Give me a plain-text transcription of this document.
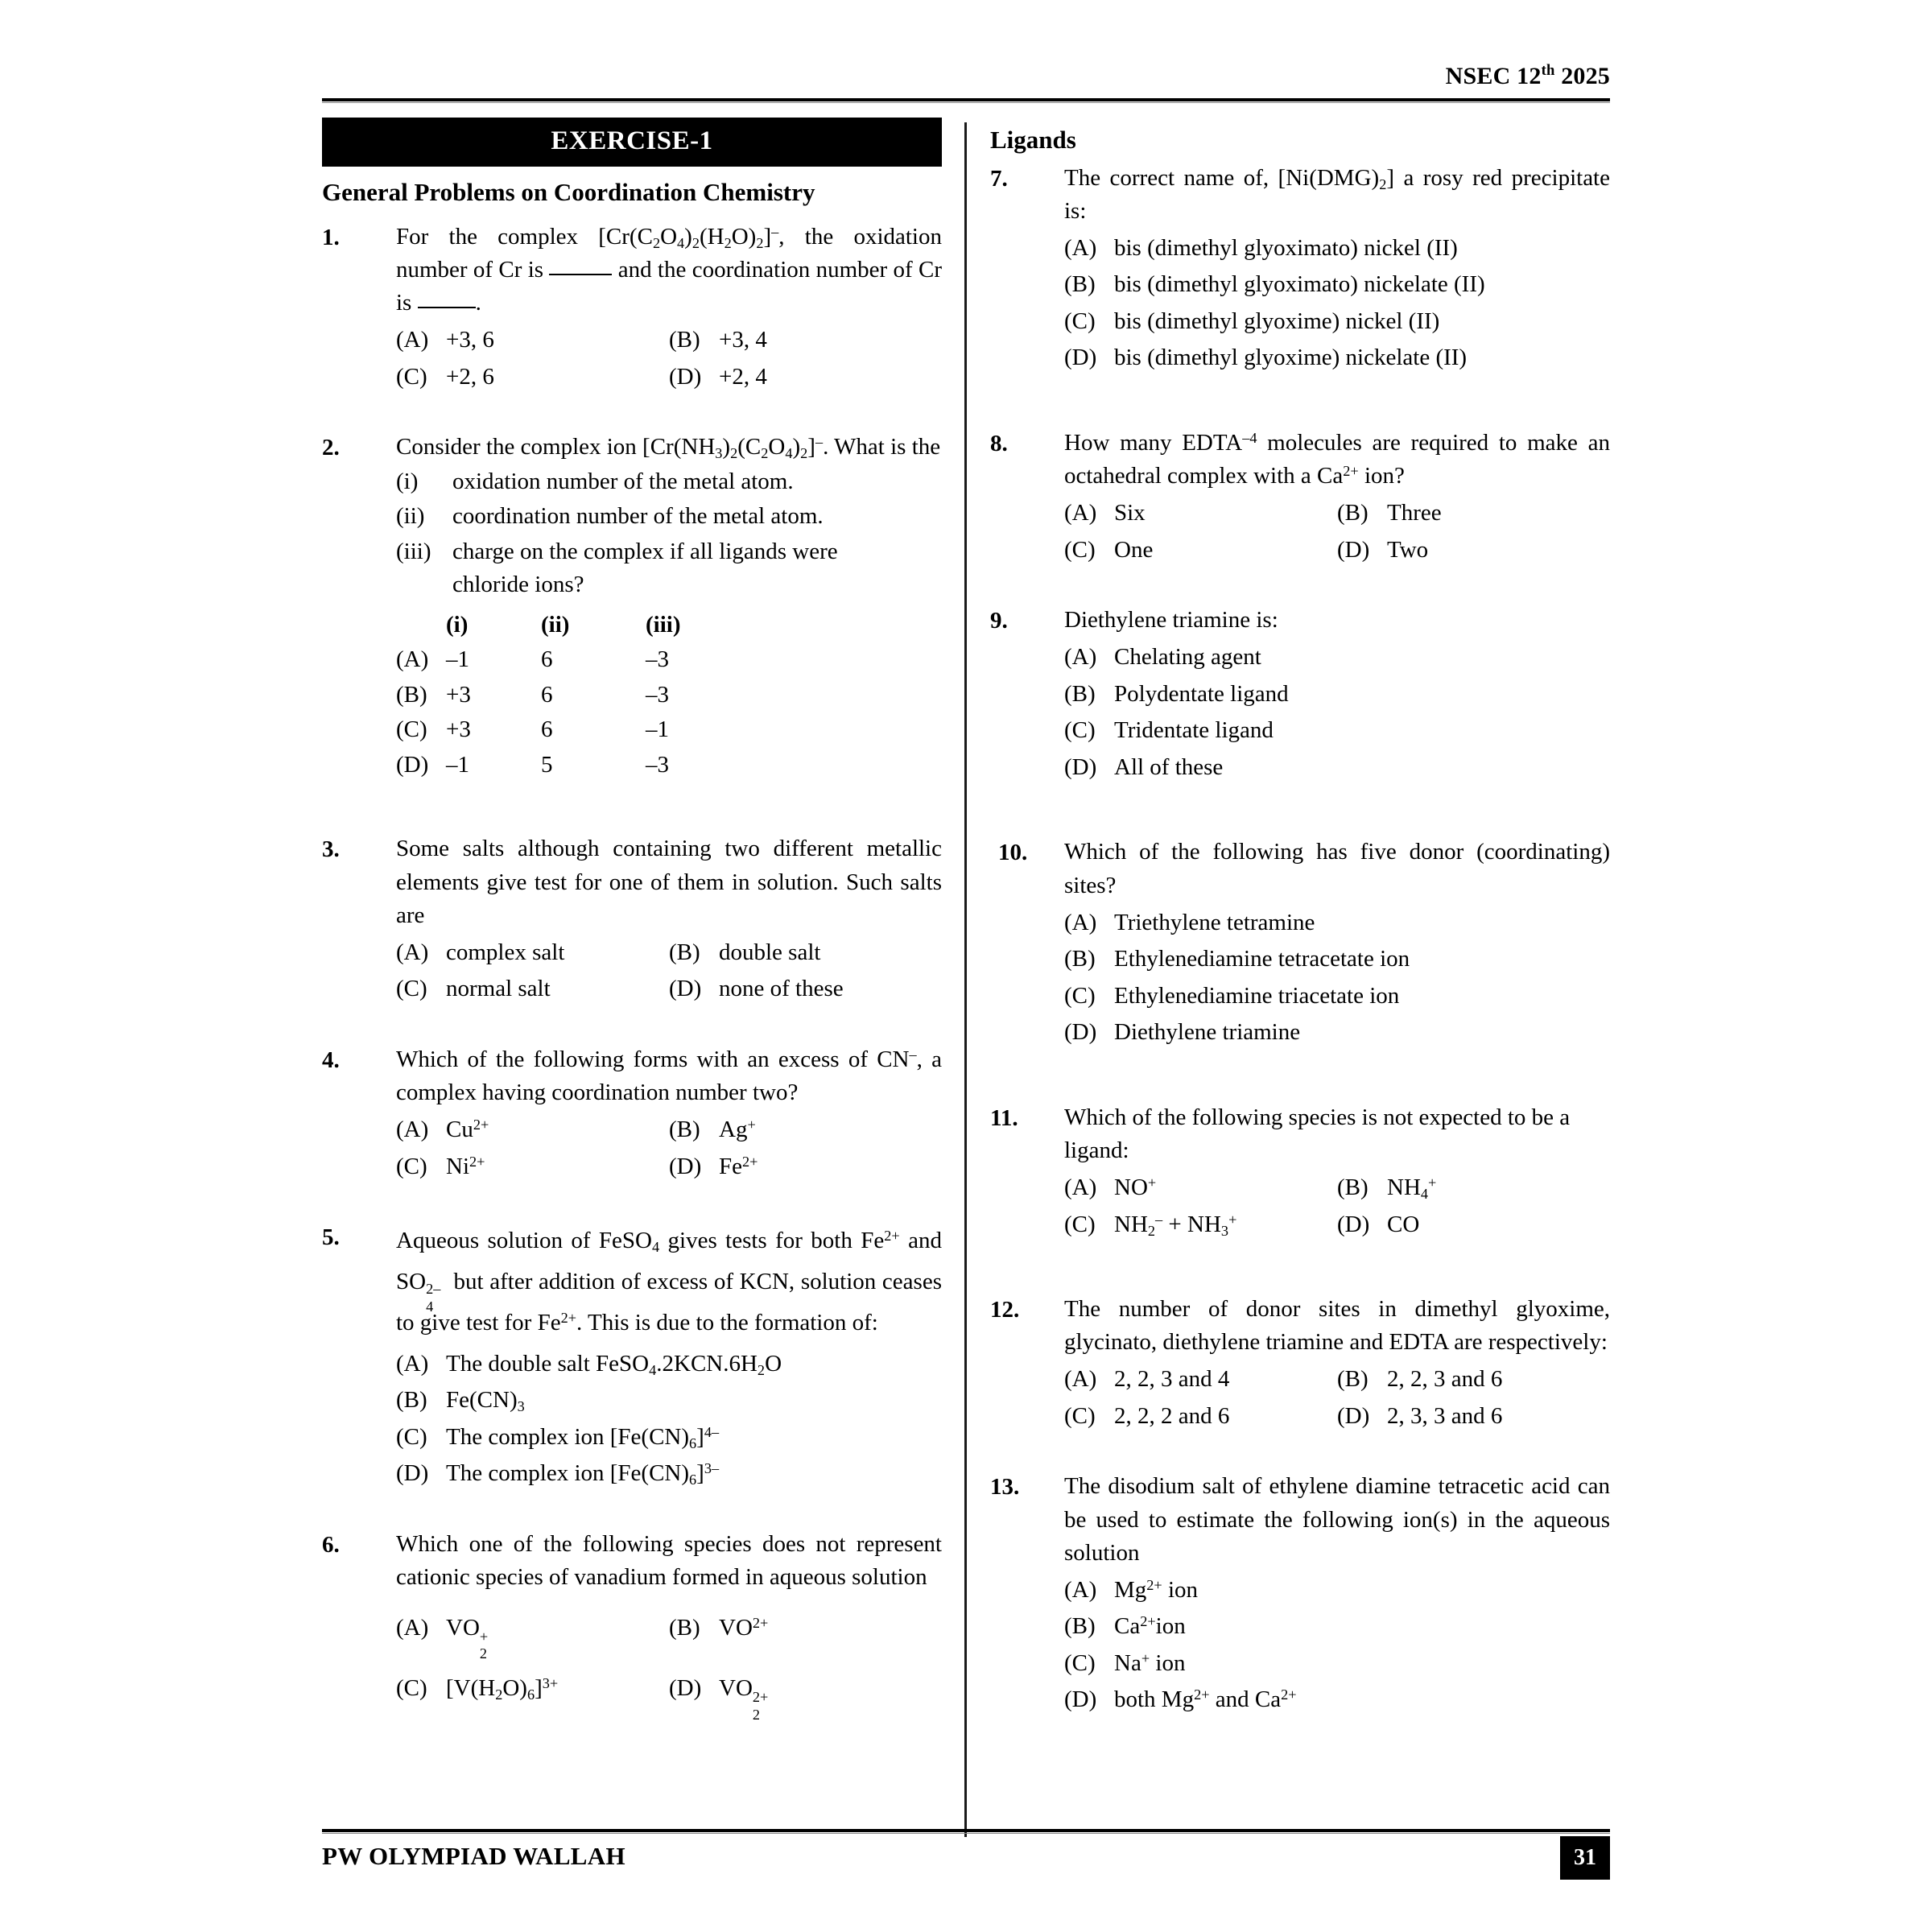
NSEC 12th 2025
EXERCISE-1
General Problems on Coordination Chemistry
1.	For the complex $[Cr(C_2O_4)_2(H_2O)_2]^-$, the oxidation number of Cr is	and the coordination number of Cr is .
(A) +3, 6	(B) +3, 4
(C) +2, 6	(D) +2, 4
2.	Consider the complex ion $[Cr(NH_3)_2(C_2O_4)_2]^-$. What is the
(i)	oxidation number of the metal atom.
(ii)	coordination number of the metal atom.
(iii) charge on the complex if all ligands were
chloride ions?
(i)	(ii)	(iii)
(A) –1	6	–3
(B) +3	6	–3
(C) +3	6	–1
(D) –1	5	–3
3.	Some salts although containing two different metallic elements give test for one of them in solution. Such salts are
(A) complex salt	(B) double salt
(C) normal salt	(D) none of these
4.	Which of the following forms with an excess of CN–, a complex having coordination number two?
(A) $Cu^{2+}$	(B) Ag+
(C) $Ni^{2+}$	(D) $Fe^{2+}$
5.	Aqueous solution of FeSO$_4$ gives tests for both $Fe^{2+}$ and SO 2–
4
but after addition of excess of KCN, solution ceases to give test for $Fe^{2+}$. This is due to the formation of:
(A) The double salt $FeSO_4.2KCN.6H_2O$
(B) $Fe(CN)_3$
(C) The complex ion $[Fe(CN)_6]^{4-}$
(D) The complex ion $[Fe(CN)_6]^{3-}$
6.	Which one of the following species does not represent cationic species of vanadium formed in aqueous solution
(A) VO +
2
(B) $VO^{2+}$
(C) $[V(H_2O)_6]^{3+}$	(D) VO 2+
2
Ligands
7.	The correct name of, $[Ni(DMG)_2]$ a rosy red precipitate is:
(A) bis (dimethyl glyoximato) nickel (II)
(B) bis (dimethyl glyoximato) nickelate (II)
(C) bis (dimethyl glyoxime) nickel (II)
(D) bis (dimethyl glyoxime) nickelate (II)
8.	How many $EDTA^{-4}$ molecules are required to make an octahedral complex with a $Ca^{2+}$ ion?
(A) Six	(B) Three
(C) One	(D) Two
9.	Diethylene triamine is:
(A) Chelating agent
(B) Polydentate ligand
(C) Tridentate ligand
(D) All of these
10.	Which of the following has five donor (coordinating) sites?
(A) Triethylene tetramine
(B) Ethylenediamine tetracetate ion
(C) Ethylenediamine triacetate ion
(D) Diethylene triamine
11.	Which of the following species is not expected to be a ligand:
(A) NO+	(B) $NH_4^+$
(C) $NH_2^- + NH_3^+$	(D) CO
12.	The number of donor sites in dimethyl glyoxime, glycinato, diethylene triamine and EDTA are respectively:
(A) 2, 2, 3 and 4	(B) 2, 2, 3 and 6
(C) 2, 2, 2 and 6	(D) 2, 3, 3 and 6
13.	The disodium salt of ethylene diamine tetracetic acid can be used to estimate the following ion(s) in the aqueous solution
(A) $Mg^{2+}$ ion
(B) $Ca^{2+}ion$
(C) Na+ ion
(D) both $Mg^{2+}$ and $Ca^{2+}$
PW OLYMPIAD WALLAH	31
